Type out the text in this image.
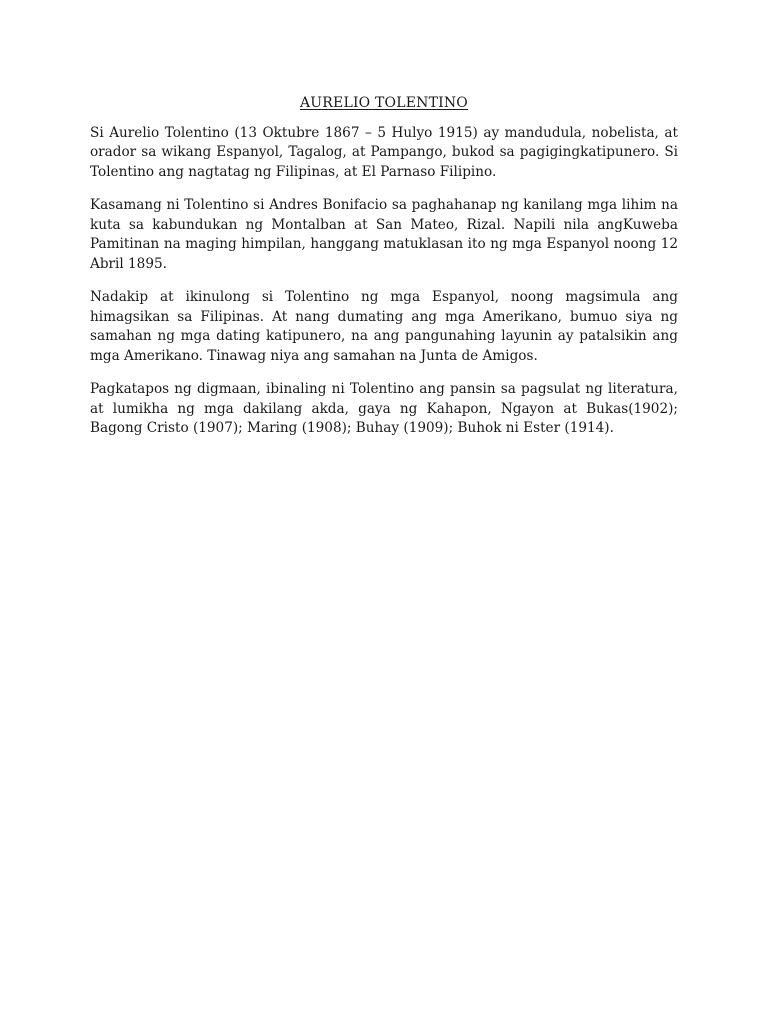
AURELIO TOLENTINO

Si Aurelio Tolentino (13 Oktubre 1867 – 5 Hulyo 1915) ay mandudula, nobelista, at orador sa wikang Espanyol, Tagalog, at Pampango, bukod sa pagigingkatipunero. Si Tolentino ang nagtatag ng Filipinas, at El Parnaso Filipino.

Kasamang ni Tolentino si Andres Bonifacio sa paghahanap ng kanilang mga lihim na kuta sa kabundukan ng Montalban at San Mateo, Rizal. Napili nila angKuweba Pamitinan na maging himpilan, hanggang matuklasan ito ng mga Espanyol noong 12 Abril 1895.

Nadakip at ikinulong si Tolentino ng mga Espanyol, noong magsimula ang himagsikan sa Filipinas. At nang dumating ang mga Amerikano, bumuo siya ng samahan ng mga dating katipunero, na ang pangunahing layunin ay patalsikin ang mga Amerikano. Tinawag niya ang samahan na Junta de Amigos.

Pagkatapos ng digmaan, ibinaling ni Tolentino ang pansin sa pagsulat ng literatura, at lumikha ng mga dakilang akda, gaya ng Kahapon, Ngayon at Bukas(1902); Bagong Cristo (1907); Maring (1908); Buhay (1909); Buhok ni Ester (1914).
